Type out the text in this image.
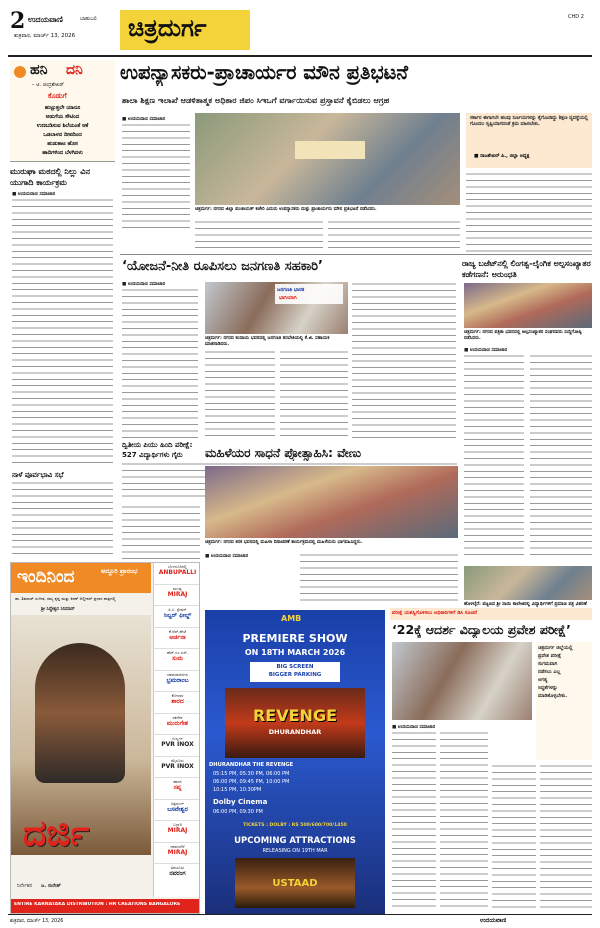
2 ಉದಯವಾಣಿ	ಬಾಹುಬಲಿ
ಶುಕ್ರವಾರ, ಮಾರ್ಚ್ 13, 2026 ಚಿತ್ರದುರ್ಗ	CHD 2
ಹನಿ ದನಿ
– ಟಿ. ಚಂದ್ರಶೇಖರ್
ಕೊಡುಗೆ
ಹುಟ್ಟುತ್ತಲೇ ಯಾರೂ
ಅಡುಗೆಯ ಸೌಟಿಂದ
ಉಣಬಡಿಸುವ ಶಿಲೆಯಂತೆ ಆಕೆ
ಒಡಲಾಳದ ದೀಪದಿಂದ
ಹುಡುಕಾಟ ಹೊಸ
ಹಾದಿಗಳಿಂದ ಬೆಳಗಿದಳು
ಮುರುಘಾ ಮಠದಲ್ಲಿ ನಿಲ್ಲು ವಿನ ಯುಗಾದಿ ಕಾರ್ಯಕ್ರಮ
■ ಉದಯವಾಣಿ ಸಮಾಚಾರ
ನಾಳೆ ಪೂರ್ವಭಾವಿ ಸಭೆ
ಉಪನ್ಯಾಸಕರು-ಪ್ರಾಚಾರ್ಯರ ಮೌನ ಪ್ರತಿಭಟನೆ
ಶಾಲಾ ಶಿಕ್ಷಣ ಇಲಾಖೆ ಆಡಳಿತಾತ್ಮಕ ಅಧಿಕಾರ ಜಿಪಂ ಸಿಇಒಗೆ ವರ್ಗಾಯಿಸುವ ಪ್ರಸ್ತಾವನೆ ಕೈಬಿಡಲು ಆಗ್ರಹ
■ ಉದಯವಾಣಿ ಸಮಾಚಾರ
ಚಿತ್ರದುರ್ಗ: ನಗರದ ಜಿಲ್ಲಾ ಪಂಚಾಯತ್ ಕಚೇರಿ ಎದುರು ಉಪನ್ಯಾಸಕರು ಮತ್ತು ಪ್ರಾಚಾರ್ಯರು ಮೌನ ಪ್ರತಿಭಟನೆ ನಡೆಸಿದರು.
ಸರ್ಕಾರ ಈಗಾಗಲೇ ಹಲವು ನಿರ್ಣಯಗಳನ್ನು ಕೈಗೊಂಡಿದ್ದು ಶಿಕ್ಷಣ ವ್ಯವಸ್ಥೆಯಲ್ಲಿ ಗೊಂದಲ ಸೃಷ್ಟಿಯಾಗದಂತೆ ಕ್ರಮ ವಹಿಸಬೇಕು.
■ ರಾಜಶೇಖರ್ ಪಿ., ಜಿಲ್ಲಾ ಅಧ್ಯಕ್ಷ
‘ಯೋಜನೆ-ನೀತಿ ರೂಪಿಸಲು ಜನಗಣತಿ ಸಹಕಾರಿ’
■ ಉದಯವಾಣಿ ಸಮಾಚಾರ
ಜನಗಣತಿ ಭಾರತ
ಭಾಗಿಯಾಗಿ
ಚಿತ್ರದುರ್ಗ: ನಗರದ ಕಂದಾಯ ಭವನದಲ್ಲಿ ಜನಗಣತಿ ತರಬೇತಿಯಲ್ಲಿ ಕೆ.ಜಿ. ಸಹಾಯಕ ಮಾತನಾಡಿದರು.
ರಾಜ್ಯ ಬಜೆಟ್‌ನಲ್ಲಿ ಲಿಂಗತ್ವ-ಲೈಂಗಿಕ ಅಲ್ಪಸಂಖ್ಯಾತರ ಕಡೆಗಣನೆ: ಅರುಂಧತಿ
ಚಿತ್ರದುರ್ಗ: ನಗರದ ಪತ್ರಿಕಾ ಭವನದಲ್ಲಿ ಅಲ್ಪಸಂಖ್ಯಾತರ ಸಂಘದವರು ಸುದ್ದಿಗೋಷ್ಠಿ ನಡೆಸಿದರು.
■ ಉದಯವಾಣಿ ಸಮಾಚಾರ
ದ್ವಿತೀಯ ಪಿಯು ಹಿಂದಿ ಪರೀಕ್ಷೆ: 527 ವಿದ್ಯಾರ್ಥಿಗಳು ಗೈರು	ಮಹಿಳೆಯರ ಸಾಧನೆ ಪ್ರೋತ್ಸಾಹಿಸಿ: ವೇಣು
ಚಿತ್ರದುರ್ಗ: ನಗರದ ಕನಕ ಭವನದಲ್ಲಿ ಮಹಿಳಾ ದಿನಾಚರಣೆ ಕಾರ್ಯಕ್ರಮದಲ್ಲಿ ಮಹಿಳೆಯರು ಭಾಗವಹಿಸಿದ್ದರು.
■ ಉದಯವಾಣಿ ಸಮಾಚಾರ
ಹೊಳಲ್ಕೆರೆ: ಪಟ್ಟಣದ ಶ್ರೀ ಸಾಯಿ ಕಾಲೇಜಿನಲ್ಲಿ ವಿದ್ಯಾರ್ಥಿಗಳಿಗೆ ಪ್ರಮಾಣ ಪತ್ರ ವಿತರಣೆ
ಇಂದಿನಿಂದ	ಅದ್ದೂರಿ ಪ್ರಾರಂಭ
ಡಾ. ಶಿವರಾಜ್ ಸಂಗೀತ, ರಮ್ಯ ಕೃಷ್ಣ ಮತ್ತು ಕಿರಣ್ ಆಲ್ದೀಪರ್ ಪ್ರಧಾನ ಪಾತ್ರದಲ್ಲಿ
ಶ್ರೀ ಸಿದ್ಧೇಶ್ವರ ಸಿನಿಮಾಸ್
ದರ್ಜಿ
ನಿರ್ದೇಶನ ಜ. ಸುರೇಶ್
ENTIRE KARNATAKA DISTRIBUTION : HR CREATIONS BANGALORE
ಬೆಂಗಳೂರಿನಲ್ಲಿ
ANBUPALLI
ಮಂಡ್ಯ
MIRAJ
ಪಿ.ಸಿ. ಸ್ಟೇಷನ್
ಸಿಲ್ವರ್ ಫೀಲ್ಡ್
ಕೆ.ಆರ್.ಪೇಟೆ
ಅರ್ಚನಾ
ಹೆಚ್.ಎಂ.ಎಸ್.
ಸುಮ
ಚಾಮರಾಜನಗರ
ಭ್ರಮರಾಂಬ
ಕೋಲಾರ
ಶಾರದ
ಸಕಲೇಶ
ಮುರುಗೇಶ
ಗುಲ್ಬರ್ಗ
PVR INOX
ಮೈಸೂರು
PVR INOX
ಹಾಸನ
ಸಪ್ನ
ಚಿತ್ರದುರ್ಗ
ಬಸವೇಶ್ವರ
ಬಳ್ಳಾರಿ
MIRAJ
ದಾವಣಗೆರೆ
MIRAJ
ತಿಪಟೂರು
ನವರಂಗ
AMB
PREMIERE SHOW
ON 18TH MARCH 2026
BIG SCREEN
BIGGER PARKING
REVENGE
DHURANDHAR
DHURANDHAR THE REVENGE
05:15 PM, 05:30 PM, 06:00 PM
06:00 PM, 09:45 PM, 10:00 PM
10:15 PM, 10:30PM
Dolby Cinema
06:00 PM, 09:30 PM
TICKETS : DOLBY : RS 500/600/700/1450
UPCOMING ATTRACTIONS
RELEASING ON 19TH MAR
USTAAD
ಪರೀಕ್ಷೆ ಯಶಸ್ವಿಗೊಳಿಸಲು ಅಧಿಕಾರಿಗಳಿಗೆ ಡಿಸಿ ಸೂಚನೆ
‘22ಕ್ಕೆ ಆದರ್ಶ ವಿದ್ಯಾಲಯ ಪ್ರವೇಶ ಪರೀಕ್ಷೆ’
ಚಿತ್ರದುರ್ಗ ಜಿಲ್ಲೆಯಲ್ಲಿ
ಪ್ರವೇಶ ಪರೀಕ್ಷೆ
ಸುಗಮವಾಗಿ
ನಡೆಸಲು ಎಲ್ಲ
ಅಗತ್ಯ
ಸಿದ್ಧತೆಗಳನ್ನು
ಮಾಡಿಕೊಳ್ಳಬೇಕು.
■ ಉದಯವಾಣಿ ಸಮಾಚಾರ
ಉದಯವಾಣಿ
ಶುಕ್ರವಾರ, ಮಾರ್ಚ್ 13, 2026
